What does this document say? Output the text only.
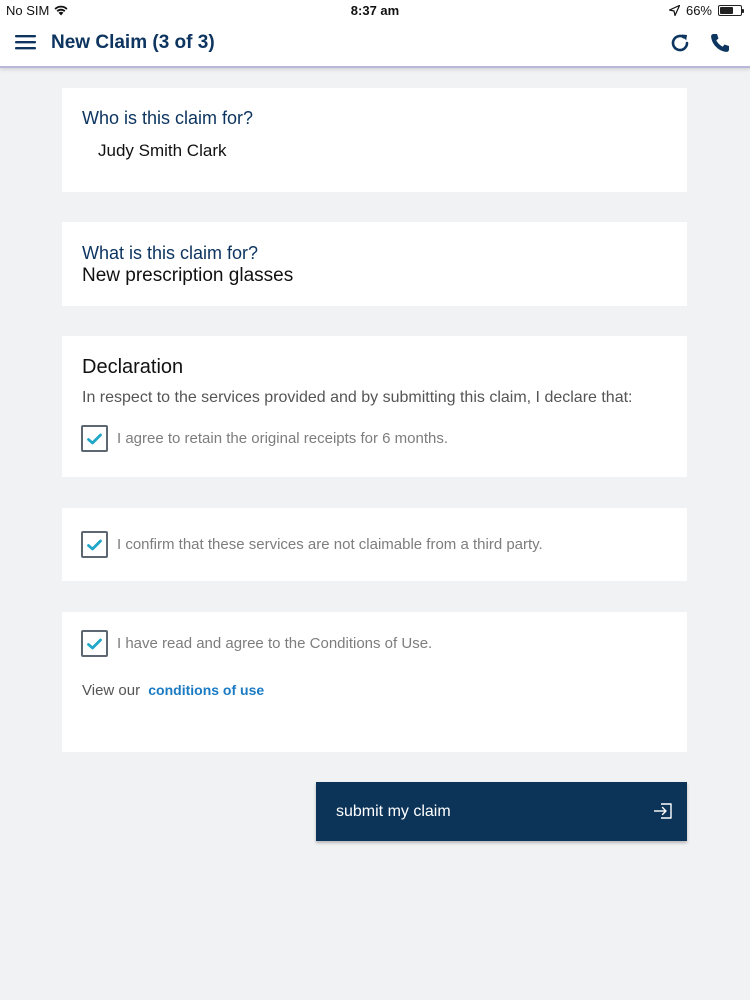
No SIM	8:37 am	66%
New Claim (3 of 3)
Who is this claim for?
Judy Smith Clark
What is this claim for?
New prescription glasses
Declaration
In respect to the services provided and by submitting this claim, I declare that:
I agree to retain the original receipts for 6 months.
I confirm that these services are not claimable from a third party.
I have read and agree to the Conditions of Use.
View our conditions of use
submit my claim
